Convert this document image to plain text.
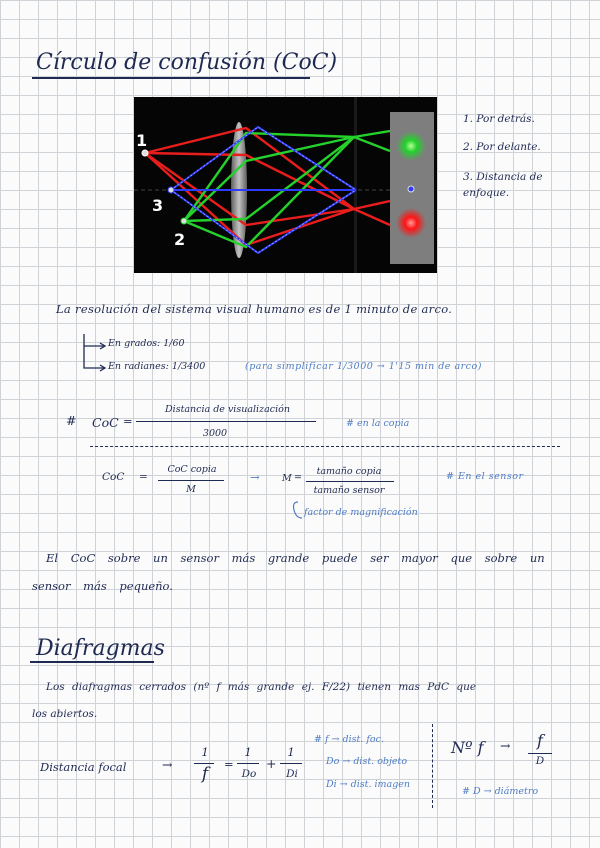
Círculo de confusión (CoC)
1
3
2
1. Por detrás.
2. Por delante.
3. Distancia de enfoque.
La resolución del sistema visual humano es de 1 minuto de arco.
En grados: 1/60
En radianes: 1/3400	(para simplificar 1/3000 → 1'15 min de arco)
# CoC =
Distancia de visualización
3000
# en la copia
CoC =
CoC copia
M
→ M =
tamaño copia
tamaño sensor
# En el sensor
factor de magnificación
El CoC sobre un sensor más grande puede ser mayor que sobre un
sensor más pequeño.
Diafragmas
Los diafragmas cerrados (nº f más grande ej. F/22) tienen mas PdC que
los abiertos.
Distancia focal	→
1
f	=
1
Do
+
1
Di
# f → dist. foc.
Do → dist. objeto
Di → dist. imagen
Nº f →	f
D
# D → diámetro
